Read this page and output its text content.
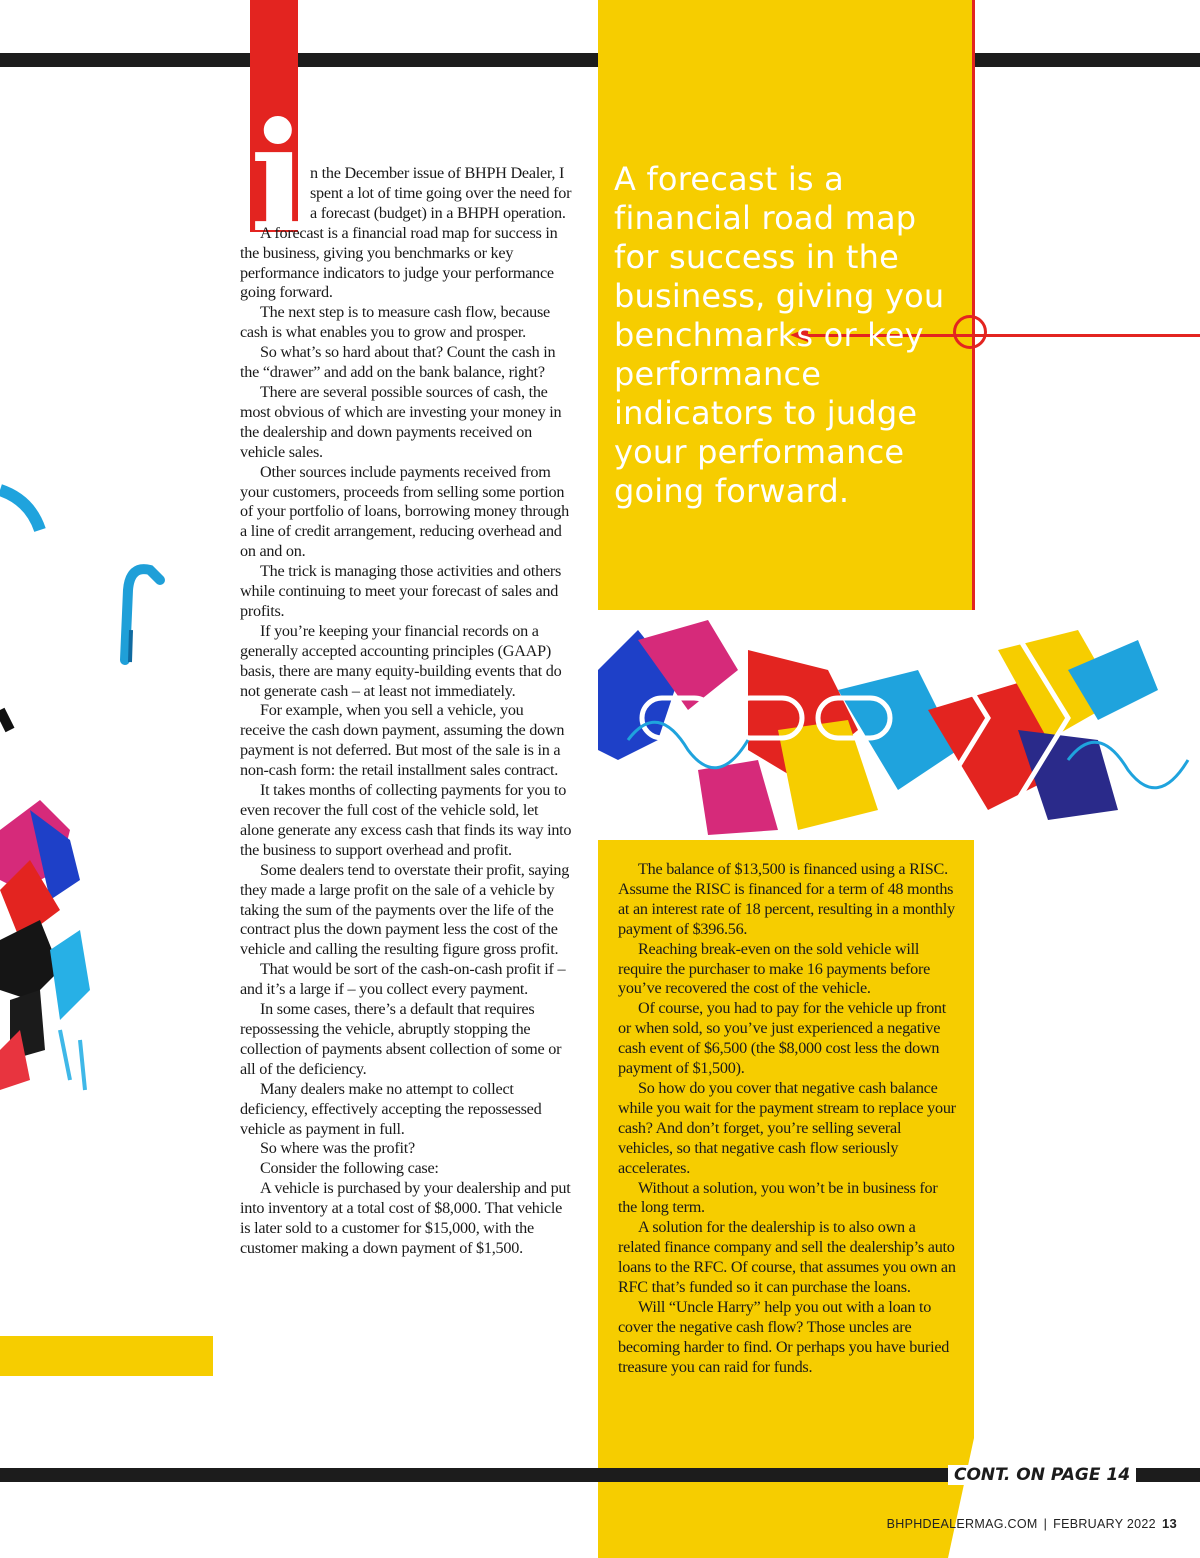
i	A forecast is a financial road map for success in the business, giving you benchmarks or key performance indicators to judge your performance going forward.

n the December issue of BHPH Dealer, I spent a lot of time going over the need for a forecast (budget) in a BHPH operation.

A forecast is a financial road map for success in the business, giving you benchmarks or key performance indicators to judge your performance going forward.

The next step is to measure cash flow, because cash is what enables you to grow and prosper.

So what’s so hard about that? Count the cash in the “drawer” and add on the bank balance, right?

There are several possible sources of cash, the most obvious of which are investing your money in the dealership and down payments received on vehicle sales.

Other sources include payments received from your customers, proceeds from selling some portion of your portfolio of loans, borrowing money through a line of credit arrangement, reducing overhead and on and on.

The trick is managing those activities and others while continuing to meet your forecast of sales and profits.

If you’re keeping your financial records on a generally accepted accounting principles (GAAP) basis, there are many equity-building events that do not generate cash – at least not immediately.

For example, when you sell a vehicle, you receive the cash down payment, assuming the down payment is not deferred. But most of the sale is in a non-cash form: the retail installment sales contract.

It takes months of collecting payments for you to even recover the full cost of the vehicle sold, let alone generate any excess cash that finds its way into the business to support overhead and profit.

Some dealers tend to overstate their profit, saying they made a large profit on the sale of a vehicle by taking the sum of the payments over the life of the contract plus the down payment less the cost of the vehicle and calling the resulting figure gross profit.

That would be sort of the cash-on-cash profit if – and it’s a large if – you collect every payment.

In some cases, there’s a default that requires repossessing the vehicle, abruptly stopping the collection of payments absent collection of some or all of the deficiency.

Many dealers make no attempt to collect deficiency, effectively accepting the repossessed vehicle as payment in full.

So where was the profit?

Consider the following case:

A vehicle is purchased by your dealership and put into inventory at a total cost of $8,000. That vehicle is later sold to a customer for $15,000, with the customer making a down payment of $1,500.

The balance of $13,500 is financed using a RISC. Assume the RISC is financed for a term of 48 months at an interest rate of 18 percent, resulting in a monthly payment of $396.56.

Reaching break-even on the sold vehicle will require the purchaser to make 16 payments before you’ve recovered the cost of the vehicle.

Of course, you had to pay for the vehicle up front or when sold, so you’ve just experienced a negative cash event of $6,500 (the $8,000 cost less the down payment of $1,500).

So how do you cover that negative cash balance while you wait for the payment stream to replace your cash? And don’t forget, you’re selling several vehicles, so that negative cash flow seriously accelerates.

Without a solution, you won’t be in business for the long term.

A solution for the dealership is to also own a related finance company and sell the dealership’s auto loans to the RFC. Of course, that assumes you own an RFC that’s funded so it can purchase the loans.

Will “Uncle Harry” help you out with a loan to cover the negative cash flow? Those uncles are becoming harder to find. Or perhaps you have buried treasure you can raid for funds.

CONT. ON PAGE 14
BHPHDEALERMAG.COM | FEBRUARY 2022 13
